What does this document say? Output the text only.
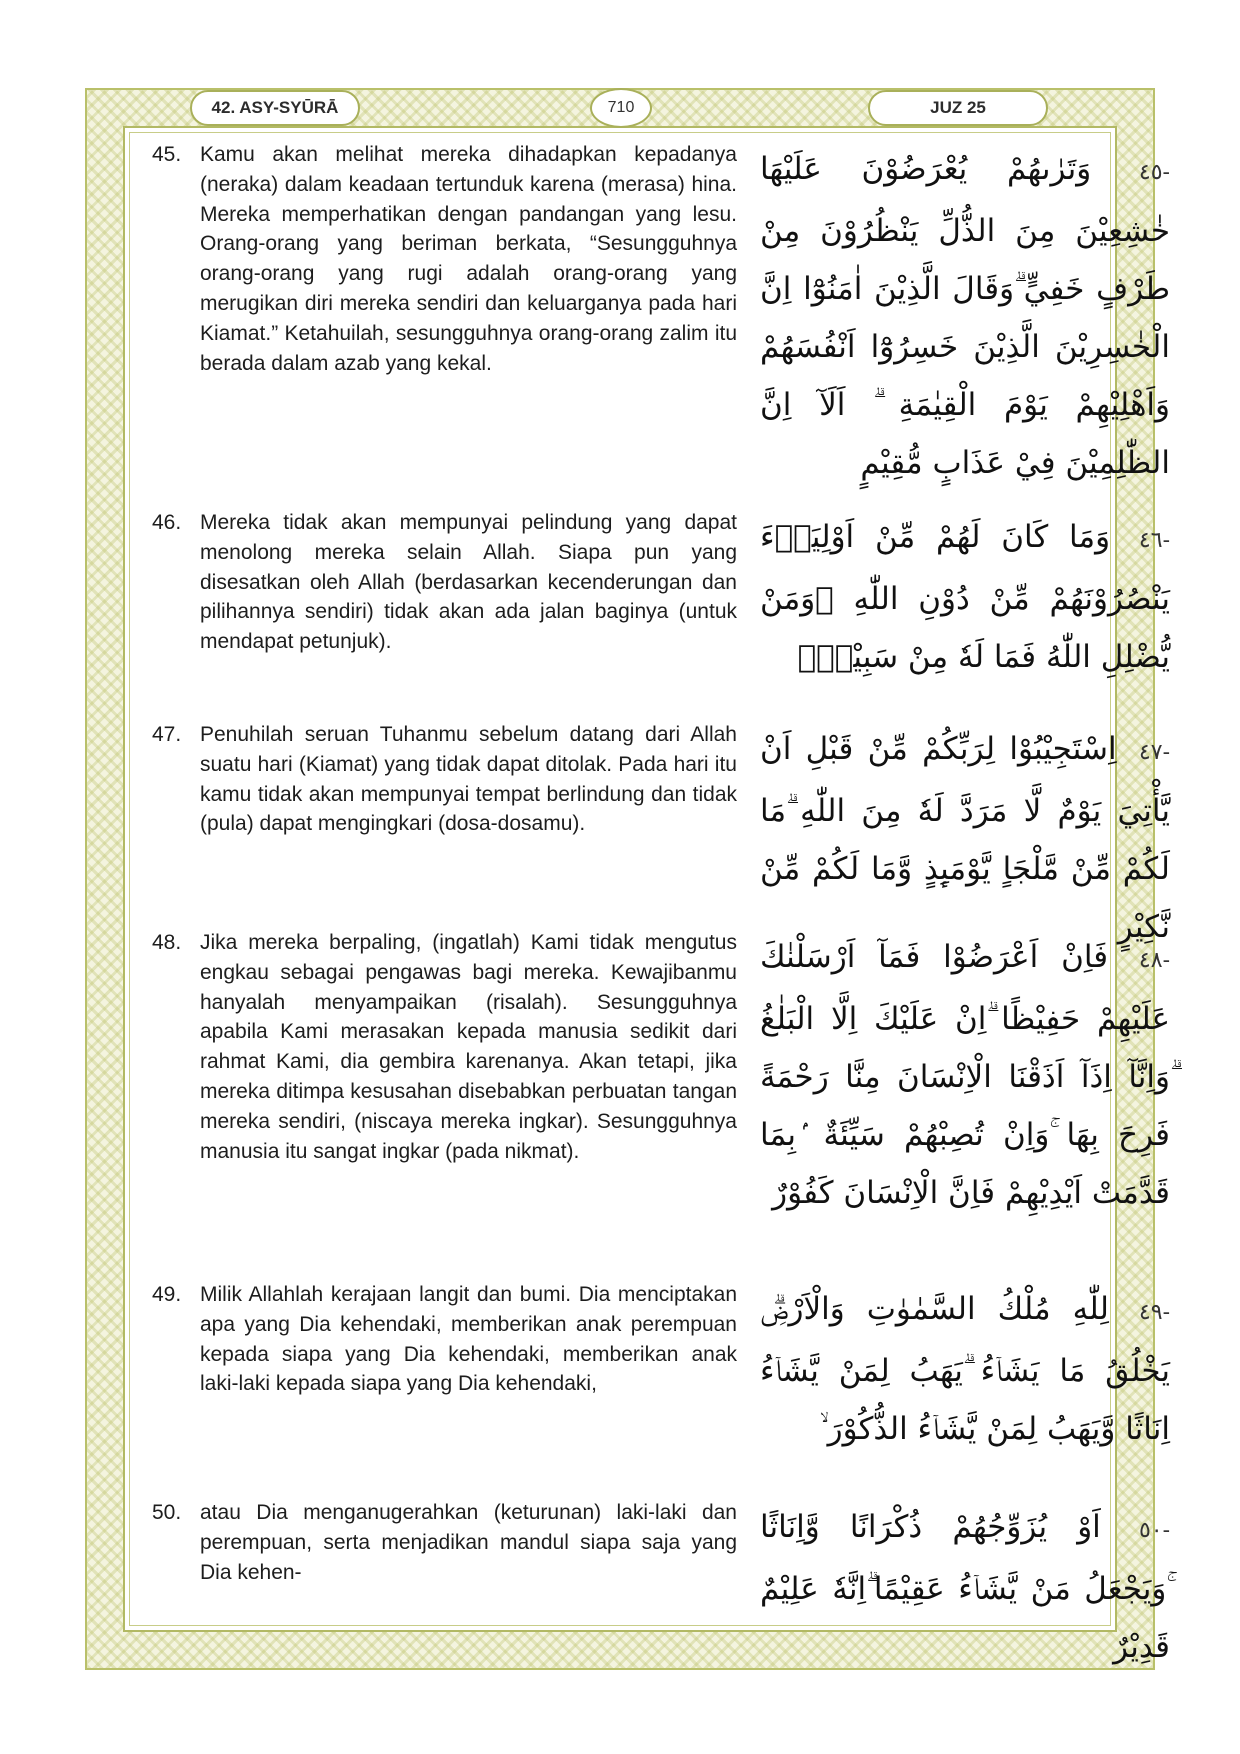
42. ASY-SYŪRĀ	710	JUZ 25
45. Kamu akan melihat mereka dihadapkan kepadanya (neraka) dalam keadaan tertunduk karena (merasa) hina. Mereka memperhatikan dengan pandangan yang lesu. Orang-orang yang beriman berkata, “Sesungguhnya orang-orang yang rugi adalah orang-orang yang merugikan diri mereka sendiri dan keluarganya pada hari Kiamat.” Ketahuilah, sesungguhnya orang-orang zalim itu berada dalam azab yang kekal.
-٤٥ وَتَرٰىهُمْ يُعْرَضُوْنَ عَلَيْهَا خٰشِعِيْنَ مِنَ الذُّلِّ يَنْظُرُوْنَ مِنْ طَرْفٍ خَفِيٍّ ۗوَقَالَ الَّذِيْنَ اٰمَنُوْٓا اِنَّ الْخٰسِرِيْنَ الَّذِيْنَ خَسِرُوْٓا اَنْفُسَهُمْ وَاَهْلِيْهِمْ يَوْمَ الْقِيٰمَةِ ۗ اَلَآ اِنَّ الظّٰلِمِيْنَ فِيْ عَذَابٍ مُّقِيْمٍ
46. Mereka tidak akan mempunyai pelindung yang dapat menolong mereka selain Allah. Siapa pun yang disesatkan oleh Allah (berdasarkan kecenderungan dan pilihannya sendiri) tidak akan ada jalan baginya (untuk mendapat petunjuk).
-٤٦ وَمَا كَانَ لَهُمْ مِّنْ اَوْلِيَاۤءَ يَنْصُرُوْنَهُمْ مِّنْ دُوْنِ اللّٰهِ ۗوَمَنْ يُّضْلِلِ اللّٰهُ فَمَا لَهٗ مِنْ سَبِيْلٍۗ
47. Penuhilah seruan Tuhanmu sebelum datang dari Allah suatu hari (Kiamat) yang tidak dapat ditolak. Pada hari itu kamu tidak akan mempunyai tempat berlindung dan tidak (pula) dapat mengingkari (dosa-dosamu).
-٤٧ اِسْتَجِيْبُوْا لِرَبِّكُمْ مِّنْ قَبْلِ اَنْ يَّأْتِيَ يَوْمٌ لَّا مَرَدَّ لَهٗ مِنَ اللّٰهِ ۗمَا لَكُمْ مِّنْ مَّلْجَاٍ يَّوْمَىِٕذٍ وَّمَا لَكُمْ مِّنْ نَّكِيْرٍ
48. Jika mereka berpaling, (ingatlah) Kami tidak mengutus engkau sebagai pengawas bagi mereka. Kewajibanmu hanyalah menyampaikan (risalah). Sesungguhnya apabila Kami merasakan kepada manusia sedikit dari rahmat Kami, dia gembira karenanya. Akan tetapi, jika mereka ditimpa kesusahan disebabkan perbuatan tangan mereka sendiri, (niscaya mereka ingkar). Sesungguhnya manusia itu sangat ingkar (pada nikmat).
-٤٨ فَاِنْ اَعْرَضُوْا فَمَآ اَرْسَلْنٰكَ عَلَيْهِمْ حَفِيْظًا ۗاِنْ عَلَيْكَ اِلَّا الْبَلٰغُ ۗوَاِنَّآ اِذَآ اَذَقْنَا الْاِنْسَانَ مِنَّا رَحْمَةً فَرِحَ بِهَا ۚوَاِنْ تُصِبْهُمْ سَيِّئَةٌ ۢبِمَا قَدَّمَتْ اَيْدِيْهِمْ فَاِنَّ الْاِنْسَانَ كَفُوْرٌ
49. Milik Allahlah kerajaan langit dan bumi. Dia menciptakan apa yang Dia kehendaki, memberikan anak perempuan kepada siapa yang Dia kehendaki, memberikan anak laki-laki kepada siapa yang Dia kehendaki,
-٤٩ لِلّٰهِ مُلْكُ السَّمٰوٰتِ وَالْاَرْضِۗ يَخْلُقُ مَا يَشَاۤءُ ۗيَهَبُ لِمَنْ يَّشَاۤءُ اِنَاثًا وَّيَهَبُ لِمَنْ يَّشَاۤءُ الذُّكُوْرَ ۙ
50. atau Dia menganugerahkan (keturunan) laki-laki dan perempuan, serta menjadikan mandul siapa saja yang Dia kehen-
-٥٠ اَوْ يُزَوِّجُهُمْ ذُكْرَانًا وَّاِنَاثًا ۚوَيَجْعَلُ مَنْ يَّشَاۤءُ عَقِيْمًا ۗاِنَّهٗ عَلِيْمٌ قَدِيْرٌ
